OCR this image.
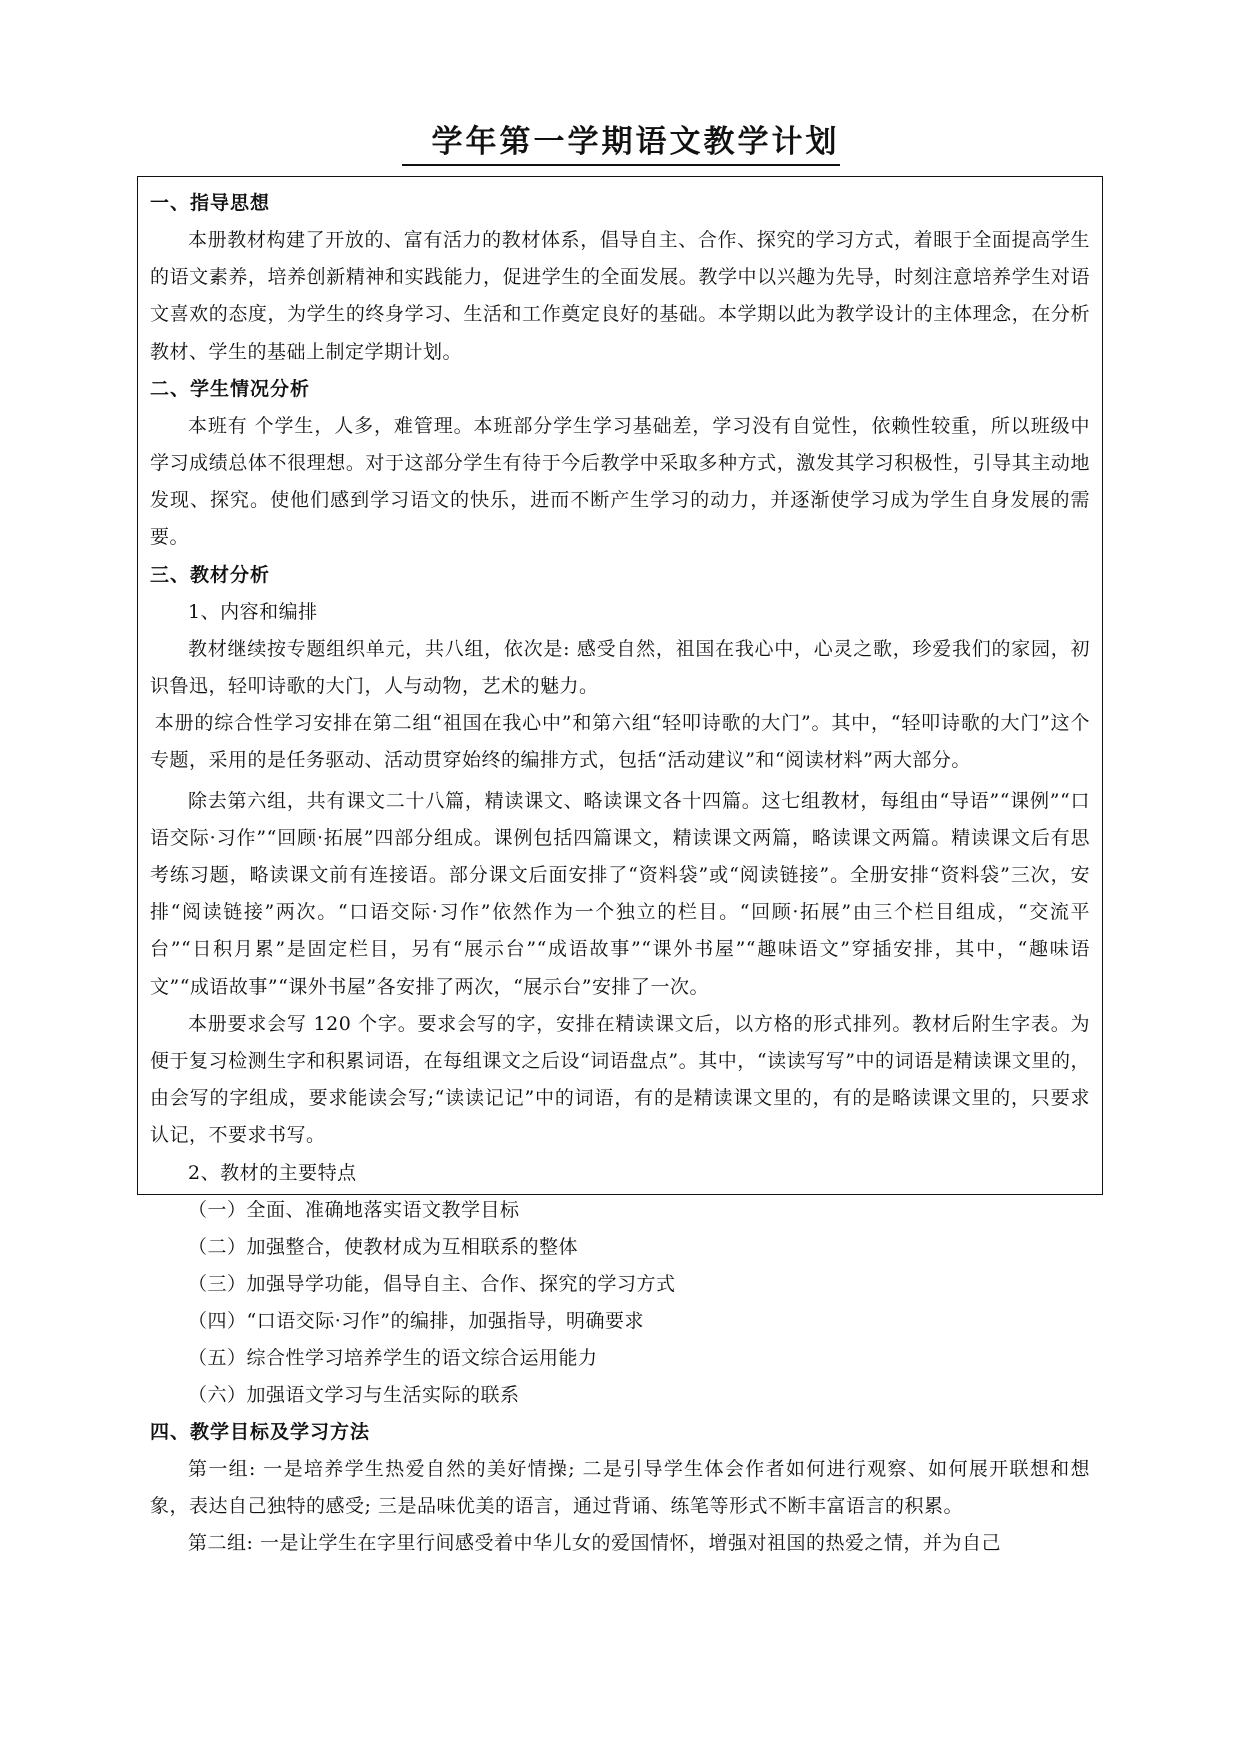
学年第一学期语文教学计划
一、指导思想

本册教材构建了开放的、富有活力的教材体系，倡导自主、合作、探究的学习方式，着眼于全面提高学生的语文素养，培养创新精神和实践能力，促进学生的全面发展。教学中以兴趣为先导，时刻注意培养学生对语文喜欢的态度，为学生的终身学习、生活和工作奠定良好的基础。本学期以此为教学设计的主体理念，在分析教材、学生的基础上制定学期计划。

二、学生情况分析

本班有 个学生，人多，难管理。本班部分学生学习基础差，学习没有自觉性，依赖性较重，所以班级中学习成绩总体不很理想。对于这部分学生有待于今后教学中采取多种方式，激发其学习积极性，引导其主动地发现、探究。使他们感到学习语文的快乐，进而不断产生学习的动力，并逐渐使学习成为学生自身发展的需要。

三、教材分析

1、内容和编排

教材继续按专题组织单元，共八组，依次是: 感受自然，祖国在我心中，心灵之歌，珍爱我们的家园，初识鲁迅，轻叩诗歌的大门，人与动物，艺术的魅力。

本册的综合性学习安排在第二组“祖国在我心中”和第六组“轻叩诗歌的大门”。其中，“轻叩诗歌的大门”这个专题，采用的是任务驱动、活动贯穿始终的编排方式，包括“活动建议”和“阅读材料”两大部分。

除去第六组，共有课文二十八篇，精读课文、略读课文各十四篇。这七组教材，每组由“导语”“课例”“口语交际·习作”“回顾·拓展”四部分组成。课例包括四篇课文，精读课文两篇，略读课文两篇。精读课文后有思考练习题，略读课文前有连接语。部分课文后面安排了“资料袋”或“阅读链接”。全册安排“资料袋”三次，安排“阅读链接”两次。“口语交际·习作”依然作为一个独立的栏目。“回顾·拓展”由三个栏目组成，“交流平台”“日积月累”是固定栏目，另有“展示台”“成语故事”“课外书屋”“趣味语文”穿插安排，其中，“趣味语文”“成语故事”“课外书屋”各安排了两次，“展示台”安排了一次。

本册要求会写 120 个字。要求会写的字，安排在精读课文后，以方格的形式排列。教材后附生字表。为便于复习检测生字和积累词语，在每组课文之后设“词语盘点”。其中，“读读写写”中的词语是精读课文里的，由会写的字组成，要求能读会写;“读读记记”中的词语，有的是精读课文里的，有的是略读课文里的，只要求认记，不要求书写。

2、教材的主要特点

（一）全面、准确地落实语文教学目标

（二）加强整合，使教材成为互相联系的整体

（三）加强导学功能，倡导自主、合作、探究的学习方式

（四）“口语交际·习作”的编排，加强指导，明确要求

（五）综合性学习培养学生的语文综合运用能力

（六）加强语文学习与生活实际的联系

四、教学目标及学习方法

第一组: 一是培养学生热爱自然的美好情操; 二是引导学生体会作者如何进行观察、如何展开联想和想象，表达自己独特的感受; 三是品味优美的语言，通过背诵、练笔等形式不断丰富语言的积累。

第二组: 一是让学生在字里行间感受着中华儿女的爱国情怀，增强对祖国的热爱之情，并为自己
